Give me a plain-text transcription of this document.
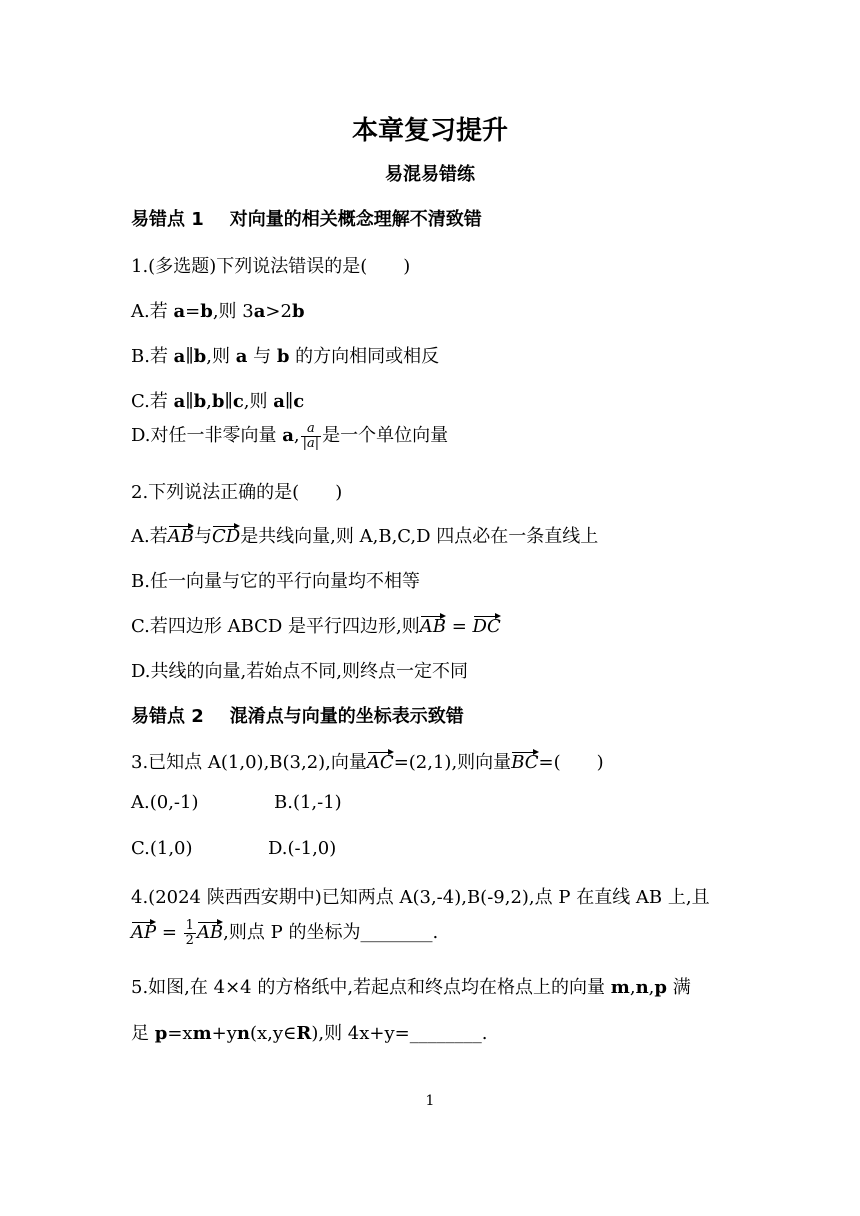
本章复习提升
易混易错练
易错点 1 对向量的相关概念理解不清致错
1.(多选题)下列说法错误的是(　　)
A.若 a=b,则 3a>2b
B.若 a∥b,则 a 与 b 的方向相同或相反
C.若 a∥b,b∥c,则 a∥c
D.对任一非零向量 a, $\frac{a}{|a|}$ 是一个单位向量
2.下列说法正确的是(　　)
A.若AB与CD是共线向量,则 A,B,C,D 四点必在一条直线上
B.任一向量与它的平行向量均不相等
C.若四边形 ABCD 是平行四边形,则AB = DC
D.共线的向量,若始点不同,则终点一定不同
易错点 2 混淆点与向量的坐标表示致错
3.已知点 A(1,0),B(3,2),向量AC=(2,1),则向量BC=(　　)
A.(0,-1)	B.(1,-1)
C.(1,0)	D.(-1,0)
4.(2024 陕西西安期中)已知两点 A(3,-4),B(-9,2),点 P 在直线 AB 上,且
AP = $\frac{1}{2}$ AB,则点 P 的坐标为________.
5.如图,在 4×4 的方格纸中,若起点和终点均在格点上的向量 m,n,p 满
足 p=xm+yn(x,y∈R),则 4x+y=________.
1
